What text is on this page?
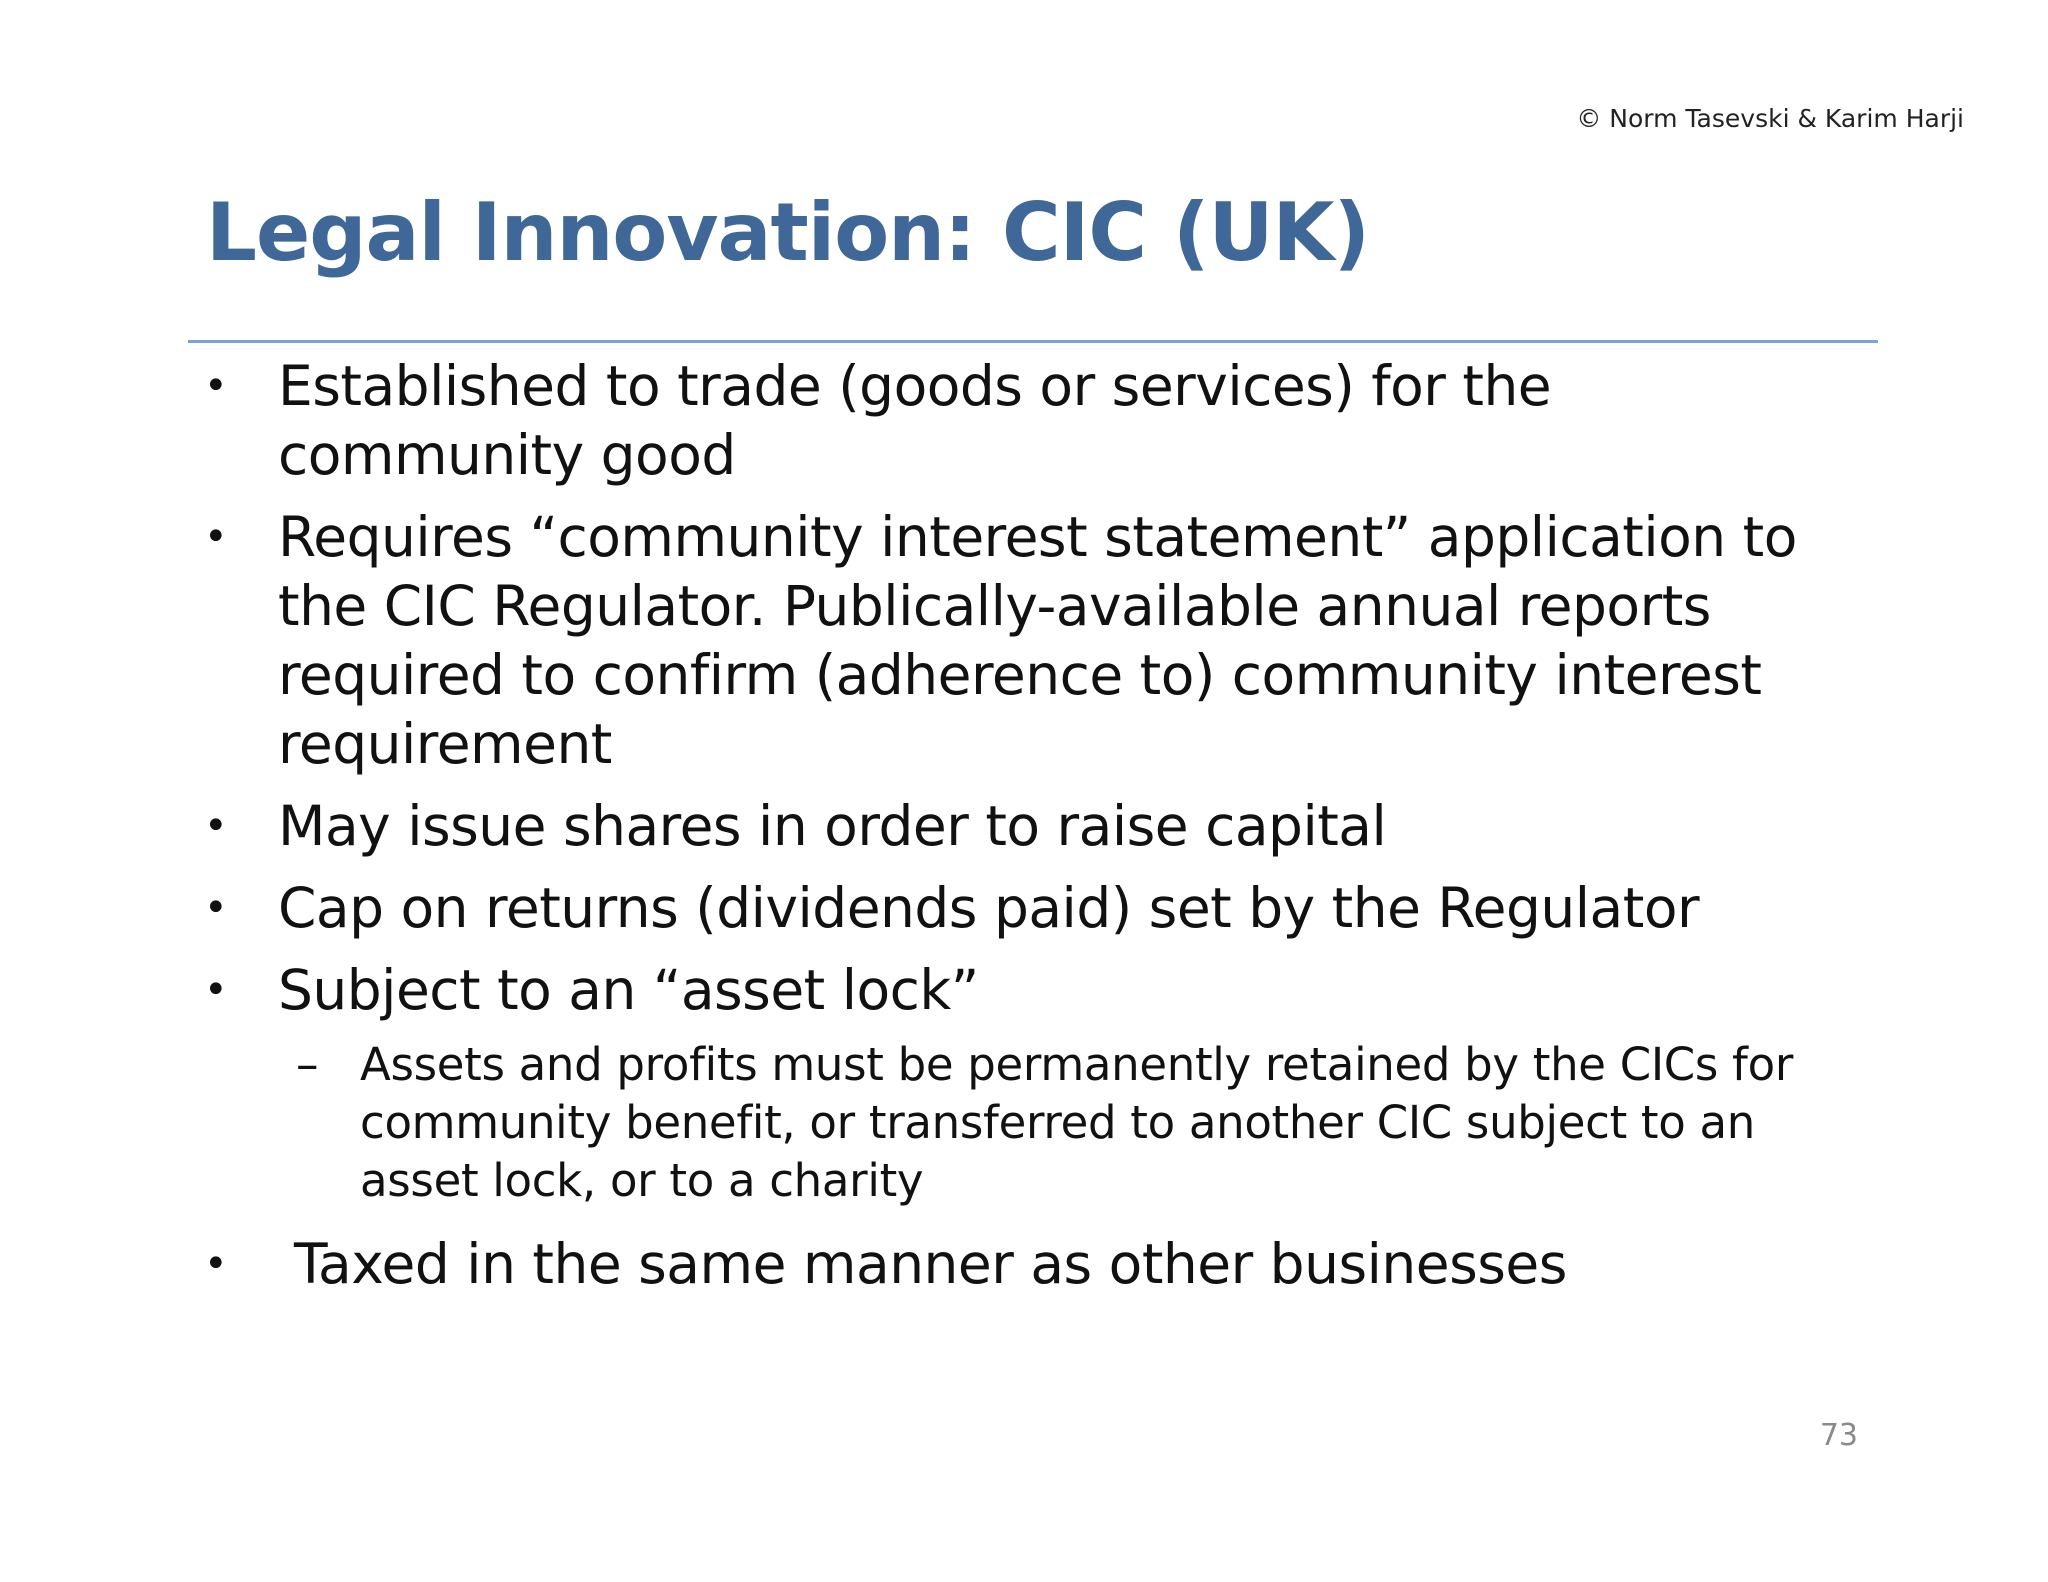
© Norm Tasevski & Karim Harji
Legal Innovation: CIC (UK)
• Established to trade (goods or services) for the community good
• Requires “community interest statement” application to the CIC Regulator. Publically-available annual reports required to confirm (adherence to) community interest requirement
• May issue shares in order to raise capital
• Cap on returns (dividends paid) set by the Regulator
• Subject to an “asset lock”
– Assets and profits must be permanently retained by the CICs for community benefit, or transferred to another CIC subject to an asset lock, or to a charity
•	Taxed in the same manner as other businesses
73
